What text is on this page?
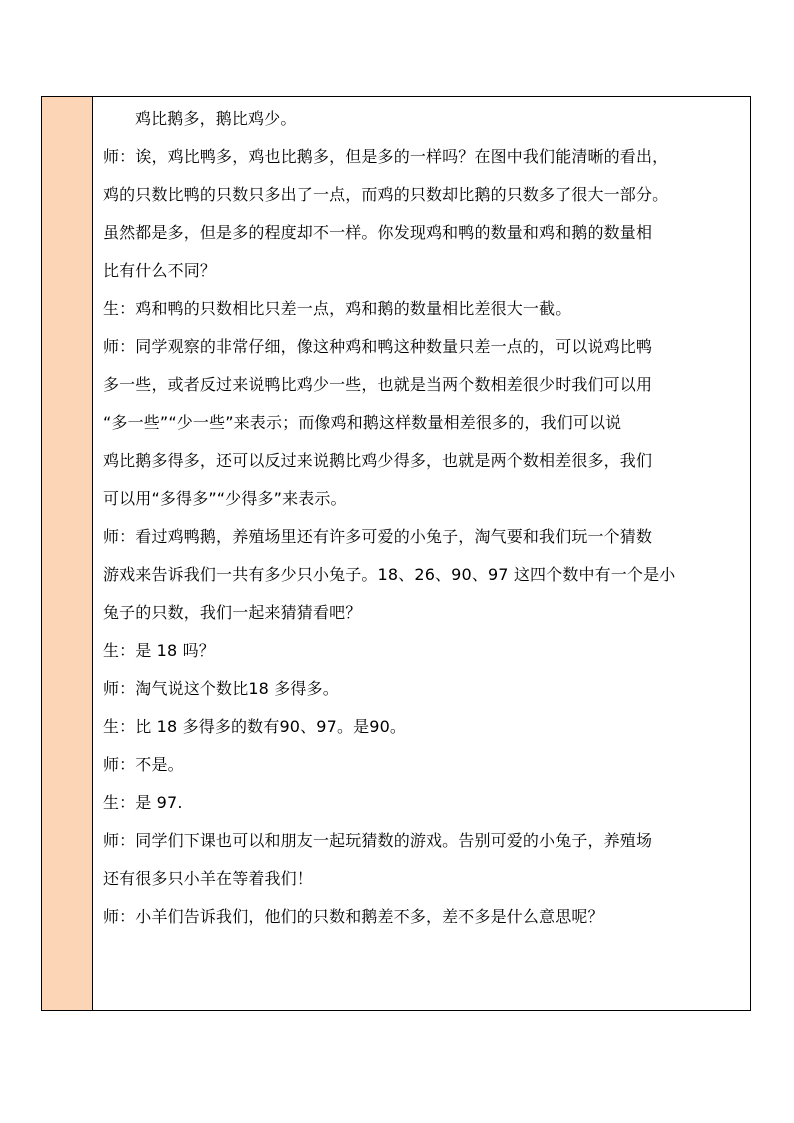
鸡比鹅多，鹅比鸡少。
师：诶，鸡比鸭多，鸡也比鹅多，但是多的一样吗？在图中我们能清晰的看出，
鸡的只数比鸭的只数只多出了一点，而鸡的只数却比鹅的只数多了很大一部分。
虽然都是多，但是多的程度却不一样。你发现鸡和鸭的数量和鸡和鹅的数量相
比有什么不同？
生：鸡和鸭的只数相比只差一点，鸡和鹅的数量相比差很大一截。
师：同学观察的非常仔细，像这种鸡和鸭这种数量只差一点的，可以说鸡比鸭
多一些，或者反过来说鸭比鸡少一些，也就是当两个数相差很少时我们可以用
“多一些”“少一些”来表示；而像鸡和鹅这样数量相差很多的，我们可以说
鸡比鹅多得多，还可以反过来说鹅比鸡少得多，也就是两个数相差很多，我们
可以用“多得多”“少得多”来表示。
师：看过鸡鸭鹅，养殖场里还有许多可爱的小兔子，淘气要和我们玩一个猜数
游戏来告诉我们一共有多少只小兔子。18、26、90、97 这四个数中有一个是小
兔子的只数，我们一起来猜猜看吧？
生：是 18 吗？
师：淘气说这个数比18 多得多。
生：比 18 多得多的数有90、97。是90。
师：不是。
生：是 97.
师：同学们下课也可以和朋友一起玩猜数的游戏。告别可爱的小兔子，养殖场
还有很多只小羊在等着我们！
师：小羊们告诉我们，他们的只数和鹅差不多，差不多是什么意思呢？
